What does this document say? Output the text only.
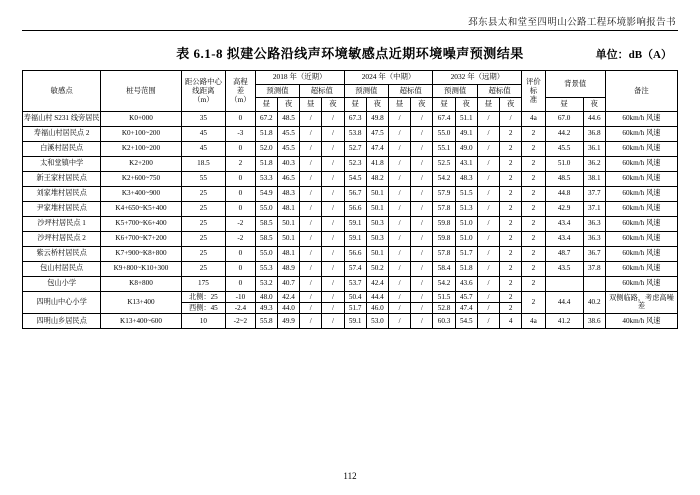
邳东县太和堂至四明山公路工程环境影响报告书
表 6.1-8 拟建公路沿线声环境敏感点近期环境噪声预测结果	单位：dB（A）
敏感点	桩号范围	距公路中心
线距离
（m）	高程
差
（m）	2018 年（近期）				2024 年（中期）				2032 年（远期）				评价
标
准	背景值		备注
				预测值		超标值		预测值		超标值		预测值		超标值					
				昼	夜	昼	夜	昼	夜	昼	夜	昼	夜	昼	夜		昼	夜	
寿福山村 S231 线旁居民	K0+000	35	0	67.2	48.5	/	/	67.3	49.8	/	/	67.4	51.1	/	/	4a	67.0	44.6	60km/h 风速
寿福山村居民点 2	K0+100~200	45	-3	51.8	45.5	/	/	53.8	47.5	/	/	55.0	49.1	/	2	2	44.2	36.8	60km/h 风速
白溪村居民点	K2+100~200	45	0	52.0	45.5	/	/	52.7	47.4	/	/	55.1	49.0	/	2	2	45.5	36.1	60km/h 风速
太和堂镇中学	K2+200	18.5	2	51.8	40.3	/	/	52.3	41.8	/	/	52.5	43.1	/	2	2	51.0	36.2	60km/h 风速
新王家村居民点	K2+600~750	55	0	53.3	46.5	/	/	54.5	48.2	/	/	54.2	48.3	/	2	2	48.5	38.1	60km/h 风速
刘家堆村居民点	K3+400~900	25	0	54.9	48.3	/	/	56.7	50.1	/	/	57.9	51.5	/	2	2	44.8	37.7	60km/h 风速
尹家堆村居民点	K4+650~K5+400	25	0	55.0	48.1	/	/	56.6	50.1	/	/	57.8	51.3	/	2	2	42.9	37.1	60km/h 风速
沙坪村居民点 1	K5+700~K6+400	25	-2	58.5	50.1	/	/	59.1	50.3	/	/	59.8	51.0	/	2	2	43.4	36.3	60km/h 风速
沙坪村居民点 2	K6+700~K7+200	25	-2	58.5	50.1	/	/	59.1	50.3	/	/	59.8	51.0	/	2	2	43.4	36.3	60km/h 风速
紫云桥村居民点	K7+900~K8+800	25	0	55.0	48.1	/	/	56.6	50.1	/	/	57.8	51.7	/	2	2	48.7	36.7	60km/h 风速
包山村居民点	K9+800~K10+300	25	0	55.3	48.9	/	/	57.4	50.2	/	/	58.4	51.8	/	2	2	43.5	37.8	60km/h 风速
包山小学	K8+800	175	0	53.2	40.7	/	/	53.7	42.4	/	/	54.2	43.6	/	2	2			60km/h 风速
四明山中心小学	K13+400	北侧：25	-10	48.0	42.4	/	/	50.4	44.4	/	/	51.5	45.7	/	2	2	44.4	40.2	双侧临路，考虑高噪差
		西侧：45	-2.4	49.3	44.0	/	/	51.7	46.0	/	/	52.8	47.4	/	2				
四明山乡居民点	K13+400~600	10	-2~2	55.8	49.9	/	/	59.1	53.0	/	/	60.3	54.5	/	4	4a	41.2	38.6	40km/h 风速
112
